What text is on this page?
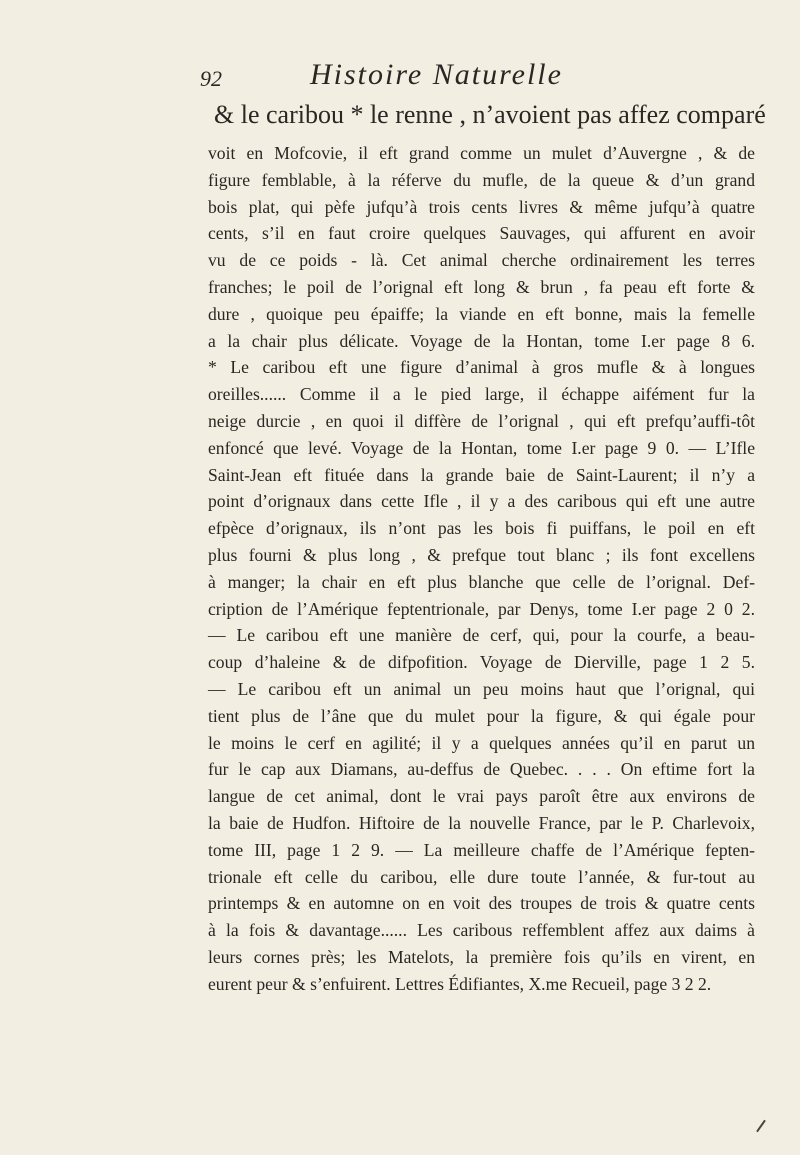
92	Histoire Naturelle
& le caribou * le renne , n’avoient pas affez comparé
voit en Mofcovie, il eft grand comme un mulet d’Auvergne , & de
figure femblable, à la réferve du mufle, de la queue & d’un grand
bois plat, qui pèfe jufqu’à trois cents livres & même jufqu’à quatre
cents, s’il en faut croire quelques Sauvages, qui affurent en avoir
vu de ce poids - là. Cet animal cherche ordinairement les terres
franches; le poil de l’orignal eft long & brun , fa peau eft forte &
dure , quoique peu épaiffe; la viande en eft bonne, mais la femelle
a la chair plus délicate. Voyage de la Hontan, tome I.er page 8 6.
* Le caribou eft une figure d’animal à gros mufle & à longues
oreilles...... Comme il a le pied large, il échappe aifément fur la
neige durcie , en quoi il diffère de l’orignal , qui eft prefqu’auffi-tôt
enfoncé que levé. Voyage de la Hontan, tome I.er page 9 0. — L’Ifle
Saint-Jean eft fituée dans la grande baie de Saint-Laurent; il n’y a
point d’orignaux dans cette Ifle , il y a des caribous qui eft une autre
efpèce d’orignaux, ils n’ont pas les bois fi puiffans, le poil en eft
plus fourni & plus long , & prefque tout blanc ; ils font excellens
à manger; la chair en eft plus blanche que celle de l’orignal. Def-
cription de l’Amérique feptentrionale, par Denys, tome I.er page 2 0 2.
— Le caribou eft une manière de cerf, qui, pour la courfe, a beau-
coup d’haleine & de difpofition. Voyage de Dierville, page 1 2 5.
— Le caribou eft un animal un peu moins haut que l’orignal, qui
tient plus de l’âne que du mulet pour la figure, & qui égale pour
le moins le cerf en agilité; il y a quelques années qu’il en parut un
fur le cap aux Diamans, au-deffus de Quebec. . . . On eftime fort la
langue de cet animal, dont le vrai pays paroît être aux environs de
la baie de Hudfon. Hiftoire de la nouvelle France, par le P. Charlevoix,
tome III, page 1 2 9. — La meilleure chaffe de l’Amérique fepten-
trionale eft celle du caribou, elle dure toute l’année, & fur-tout au
printemps & en automne on en voit des troupes de trois & quatre cents
à la fois & davantage...... Les caribous reffemblent affez aux daims à
leurs cornes près; les Matelots, la première fois qu’ils en virent, en
eurent peur & s’enfuirent. Lettres Édifiantes, X.me Recueil, page 3 2 2.
